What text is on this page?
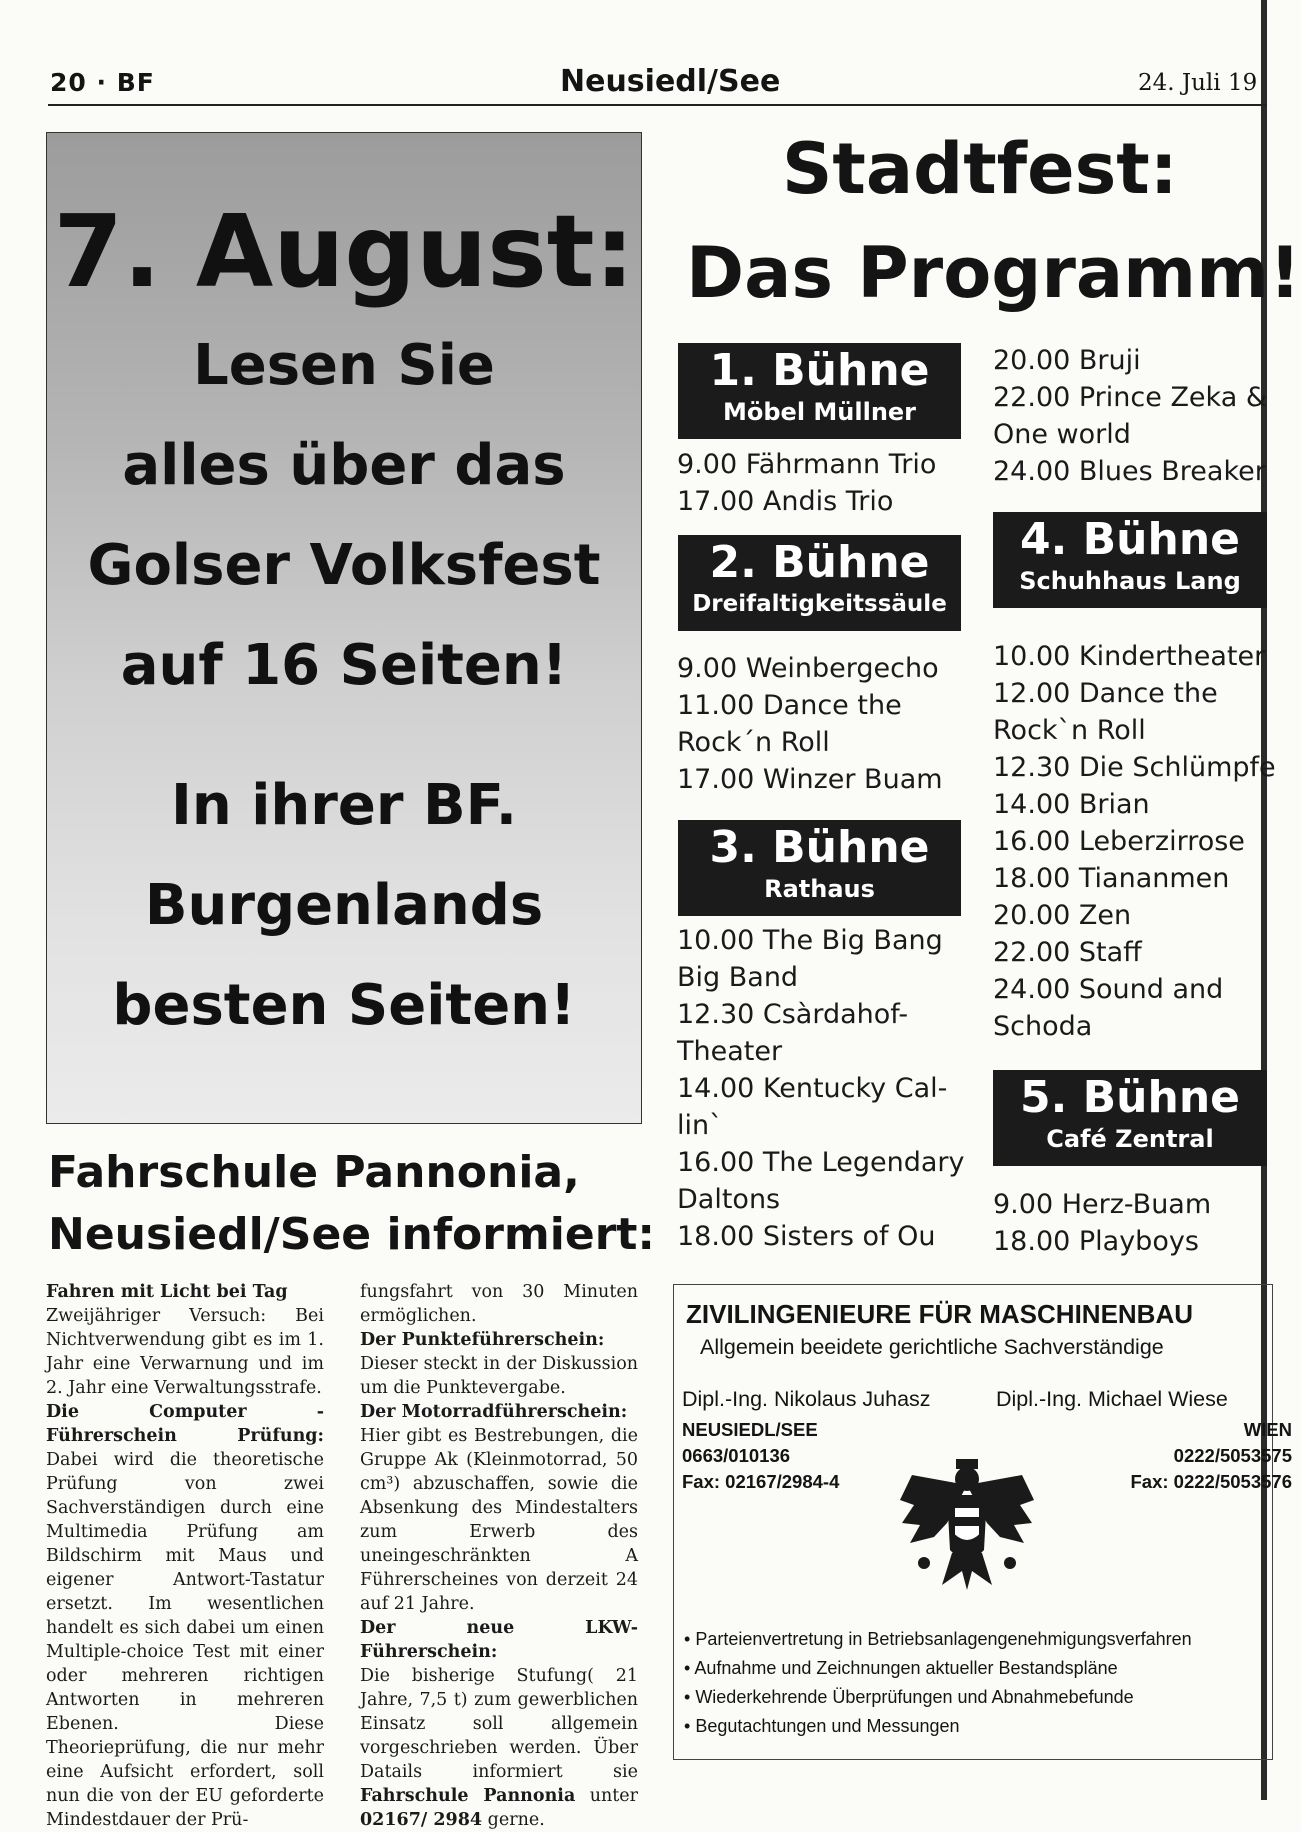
20 · BF	Neusiedl/See	24. Juli 19
7. August:
Lesen Sie
alles über das
Golser Volksfest
auf 16 Seiten!
In ihrer BF.
Burgenlands
besten Seiten!
Stadtfest:
Das Programm!
1. Bühne
Möbel Müllner
9.00 Fährmann Trio
17.00 Andis Trio
2. Bühne
Dreifaltigkeitssäule
9.00 Weinbergecho
11.00 Dance the
Rock´n Roll
17.00 Winzer Buam
3. Bühne
Rathaus
10.00 The Big Bang
Big Band
12.30 Csàrdahof-
Theater
14.00 Kentucky Cal-
lin`
16.00 The Legendary
Daltons
18.00 Sisters of Ou
20.00 Bruji
22.00 Prince Zeka &
One world
24.00 Blues Breaker
4. Bühne
Schuhhaus Lang
10.00 Kindertheater
12.00 Dance the
Rock`n Roll
12.30 Die Schlümpfe
14.00 Brian
16.00 Leberzirrose
18.00 Tiananmen
20.00 Zen
22.00 Staff
24.00 Sound and
Schoda
5. Bühne
Café Zentral
9.00 Herz-Buam
18.00 Playboys
Fahrschule Pannonia,
Neusiedl/See informiert:
Fahren mit Licht bei Tag
Zweijähriger Versuch: Bei Nichtverwendung gibt es im 1. Jahr eine Verwarnung und im 2. Jahr eine Verwaltungsstrafe.
Die Computer - Führerschein Prüfung: Dabei wird die theoretische Prüfung von zwei Sachverständigen durch eine Multimedia Prüfung am Bildschirm mit Maus und eigener Antwort-Tastatur ersetzt. Im wesentlichen handelt es sich dabei um einen Multiple-choice Test mit einer oder mehreren richtigen Antworten in mehreren Ebenen. Diese Theorieprüfung, die nur mehr eine Aufsicht erfordert, soll nun die von der EU geforderte Mindestdauer der Prü-
fungsfahrt von 30 Minuten ermöglichen.
Der Punkteführerschein:
Dieser steckt in der Diskussion um die Punktevergabe.
Der Motorradführerschein:
Hier gibt es Bestrebungen, die Gruppe Ak (Kleinmotorrad, 50 cm³) abzuschaffen, sowie die Absenkung des Mindestalters zum Erwerb des uneingeschränkten A Führerscheines von derzeit 24 auf 21 Jahre.
Der neue LKW-Führerschein:
Die bisherige Stufung( 21 Jahre, 7,5 t) zum gewerblichen Einsatz soll allgemein vorgeschrieben werden. Über Datails informiert sie Fahrschule Pannonia unter 02167/ 2984 gerne.
ZIVILINGENIEURE FÜR MASCHINENBAU
Allgemein beeidete gerichtliche Sachverständige
Dipl.-Ing. Nikolaus Juhasz	Dipl.-Ing. Michael Wiese
NEUSIEDL/SEE
0663/010136
Fax: 02167/2984-4
WIEN
0222/5053575
Fax: 0222/5053576
• Parteienvertretung in Betriebsanlagengenehmigungsverfahren
• Aufnahme und Zeichnungen aktueller Bestandspläne
• Wiederkehrende Überprüfungen und Abnahmebefunde
• Begutachtungen und Messungen
